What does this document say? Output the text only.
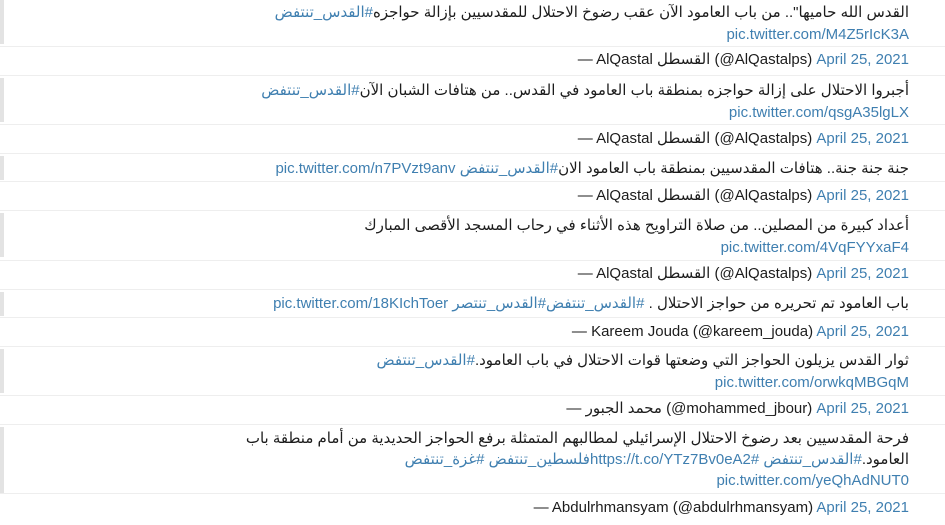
القدس الله حاميها".. من باب العامود الآن عقب رضوخ الاحتلال للمقدسيين بإزالة حواجزه#القدس_تنتفض
pic.twitter.com/M4Z5rIcK3A
— AlQastal القسطل (@AlQastalps) April 25, 2021
أجبروا الاحتلال على إزالة حواجزه بمنطقة باب العامود في القدس.. من هتافات الشبان الآن#القدس_تنتفض
pic.twitter.com/qsgA35lgLX
— AlQastal القسطل (@AlQastalps) April 25, 2021
جنة جنة جنة.. هتافات المقدسيين بمنطقة باب العامود الان#القدس_تنتفض pic.twitter.com/n7PVzt9anv
— AlQastal القسطل (@AlQastalps) April 25, 2021
أعداد كبيرة من المصلين.. من صلاة التراويح هذه الأثناء في رحاب المسجد الأقصى المبارك
pic.twitter.com/4VqFYYxaF4
— AlQastal القسطل (@AlQastalps) April 25, 2021
باب العامود تم تحريره من حواجز الاحتلال . #القدس_تنتفض#القدس_تنتصر pic.twitter.com/18KIchToer
— Kareem Jouda (@kareem_jouda) April 25, 2021
ثوار القدس يزيلون الحواجز التي وضعتها قوات الاحتلال في باب العامود.#القدس_تنتفض
pic.twitter.com/orwkqMBGqM
— محمد الجبور (@mohammed_jbour) April 25, 2021
فرحة المقدسيين بعد رضوخ الاحتلال الإسرائيلي لمطالبهم المتمثلة برفع الحواجز الحديدية من أمام منطقة باب
العامود.#القدس_تنتفض https://t.co/YTz7Bv0eA2#فلسطين_تنتفض #غزة_تنتفض
pic.twitter.com/yeQhAdNUT0
— Abdulrhmansyam (@abdulrhmansyam) April 25, 2021
